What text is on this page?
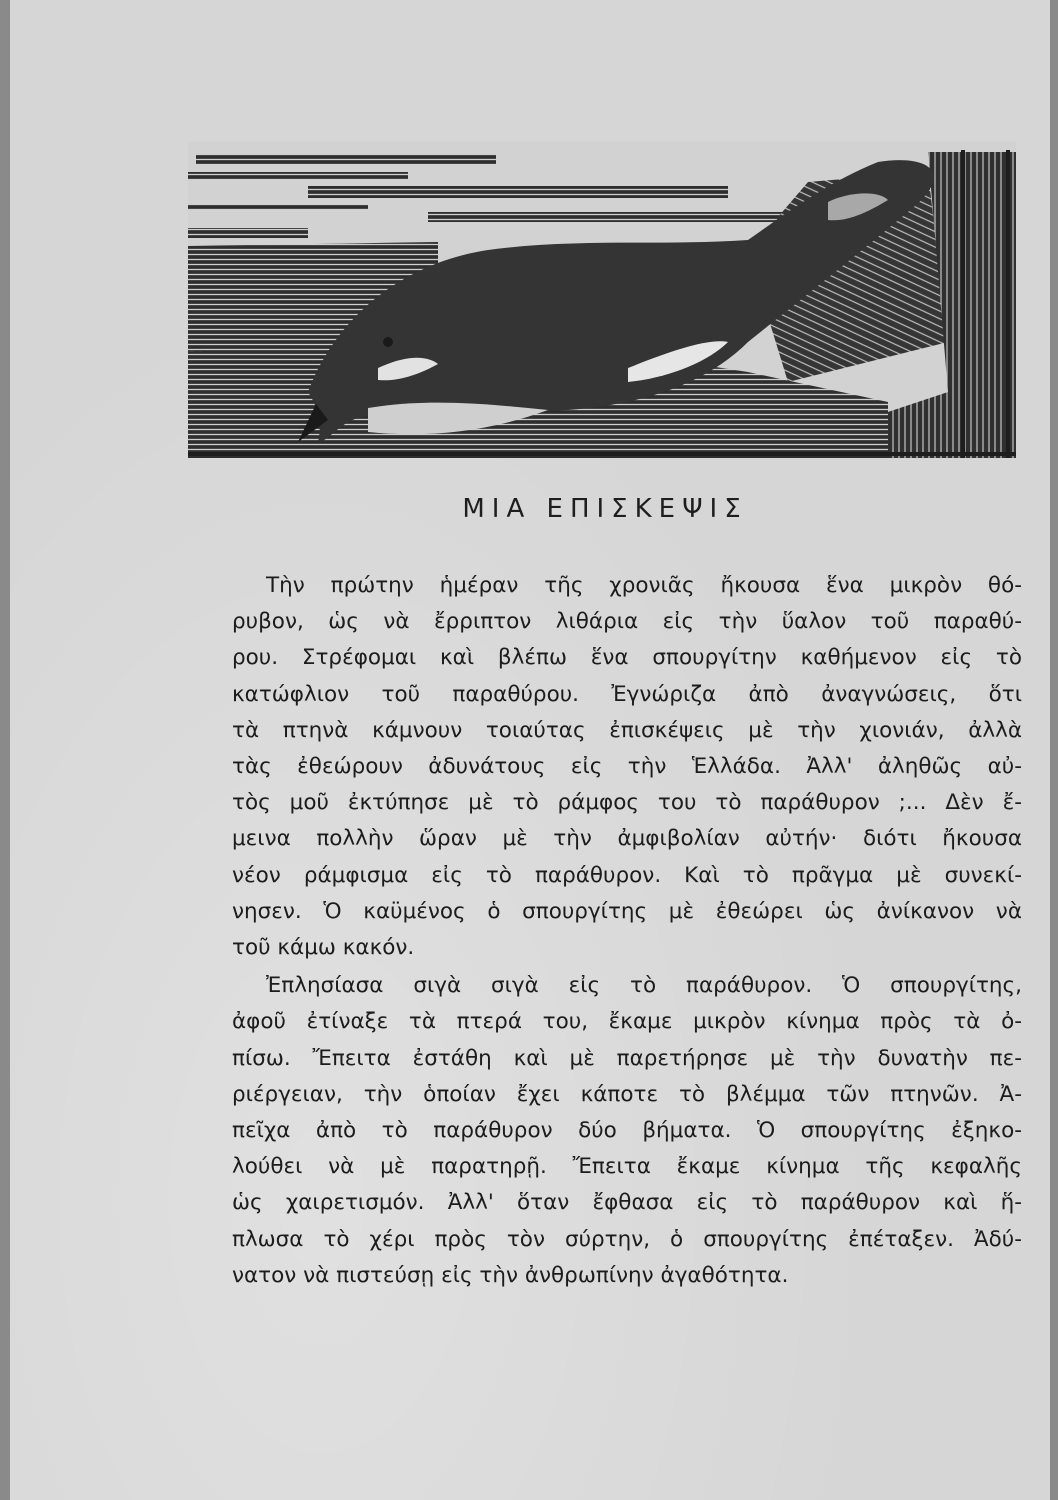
ΜΙΑ ΕΠΙΣΚΕΨΙΣ
Τὴν πρώτην ἡμέραν τῆς χρονιᾶς ἤκουσα ἕνα μικρὸν θό-
ρυβον, ὡς νὰ ἔρριπτον λιθάρια εἰς τὴν ὕαλον τοῦ παραθύ-
ρου. Στρέφομαι καὶ βλέπω ἕνα σπουργίτην καθήμενον εἰς τὸ
κατώφλιον τοῦ παραθύρου. Ἐγνώριζα ἀπὸ ἀναγνώσεις, ὅτι
τὰ πτηνὰ κάμνουν τοιαύτας ἐπισκέψεις μὲ τὴν χιονιάν, ἀλλὰ
τὰς ἐθεώρουν ἀδυνάτους εἰς τὴν Ἑλλάδα. Ἀλλ' ἀληθῶς αὐ-
τὸς μοῦ ἐκτύπησε μὲ τὸ ράμφος του τὸ παράθυρον ;... Δὲν ἔ-
μεινα πολλὴν ὥραν μὲ τὴν ἀμφιβολίαν αὐτήν· διότι ἤκουσα
νέον ράμφισμα εἰς τὸ παράθυρον. Καὶ τὸ πρᾶγμα μὲ συνεκί-
νησεν. Ὁ καϋμένος ὁ σπουργίτης μὲ ἐθεώρει ὡς ἀνίκανον νὰ
τοῦ κάμω κακόν.
Ἐπλησίασα σιγὰ σιγὰ εἰς τὸ παράθυρον. Ὁ σπουργίτης,
ἀφοῦ ἐτίναξε τὰ πτερά του, ἔκαμε μικρὸν κίνημα πρὸς τὰ ὀ-
πίσω. Ἔπειτα ἐστάθη καὶ μὲ παρετήρησε μὲ τὴν δυνατὴν πε-
ριέργειαν, τὴν ὁποίαν ἔχει κάποτε τὸ βλέμμα τῶν πτηνῶν. Ἀ-
πεῖχα ἀπὸ τὸ παράθυρον δύο βήματα. Ὁ σπουργίτης ἐξηκο-
λούθει νὰ μὲ παρατηρῇ. Ἔπειτα ἔκαμε κίνημα τῆς κεφαλῆς
ὡς χαιρετισμόν. Ἀλλ' ὅταν ἔφθασα εἰς τὸ παράθυρον καὶ ἥ-
πλωσα τὸ χέρι πρὸς τὸν σύρτην, ὁ σπουργίτης ἐπέταξεν. Ἀδύ-
νατον νὰ πιστεύσῃ εἰς τὴν ἀνθρωπίνην ἀγαθότητα.
